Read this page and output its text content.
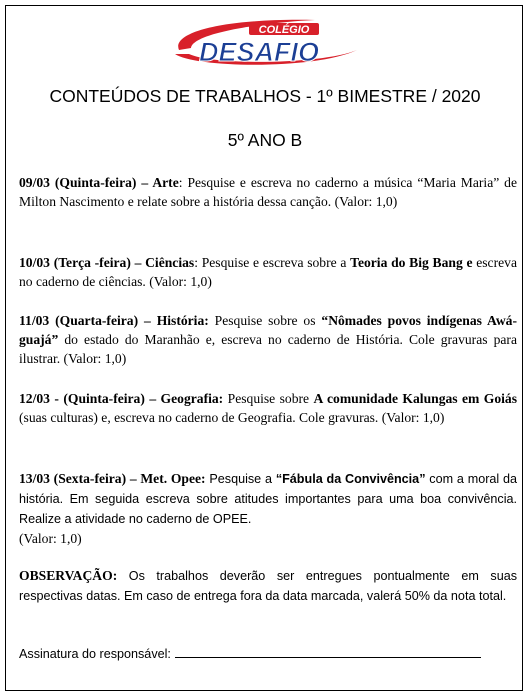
COLÉGIO
DESAFIO
CONTEÚDOS DE TRABALHOS - 1º BIMESTRE / 2020
5º ANO B
09/03 (Quinta-feira) – Arte: Pesquise e escreva no caderno a música “Maria Maria” de Milton Nascimento e relate sobre a história dessa canção. (Valor: 1,0)
10/03 (Terça -feira) – Ciências: Pesquise e escreva sobre a Teoria do Big Bang e escreva no caderno de ciências. (Valor: 1,0)
11/03 (Quarta-feira) – História: Pesquise sobre os “Nômades povos indígenas Awá-guajá” do estado do Maranhão e, escreva no caderno de História. Cole gravuras para ilustrar. (Valor: 1,0)
12/03 - (Quinta-feira) – Geografia: Pesquise sobre A comunidade Kalungas em Goiás (suas culturas) e, escreva no caderno de Geografia. Cole gravuras. (Valor: 1,0)
13/03 (Sexta-feira) – Met. Opee: Pesquise a “Fábula da Convivência” com a moral da história. Em seguida escreva sobre atitudes importantes para uma boa convivência. Realize a atividade no caderno de OPEE.
(Valor: 1,0)
OBSERVAÇÃO: Os trabalhos deverão ser entregues pontualmente em suas respectivas datas. Em caso de entrega fora da data marcada, valerá 50% da nota total.
Assinatura do responsável:
